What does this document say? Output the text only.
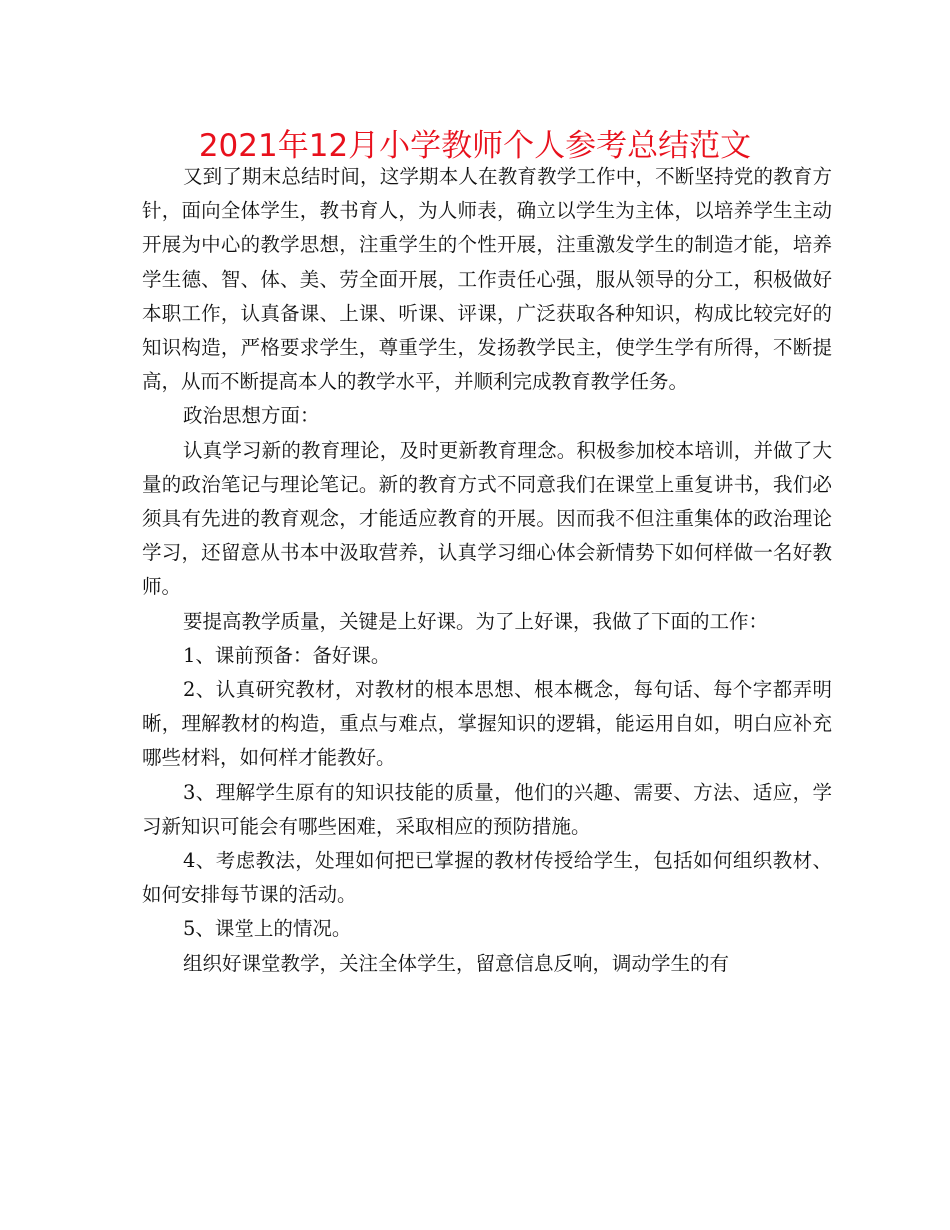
2021年12月小学教师个人参考总结范文

又到了期末总结时间，这学期本人在教育教学工作中，不断坚持党的教育方针，面向全体学生，教书育人，为人师表，确立以学生为主体，以培养学生主动开展为中心的教学思想，注重学生的个性开展，注重激发学生的制造才能，培养学生德、智、体、美、劳全面开展，工作责任心强，服从领导的分工，积极做好本职工作，认真备课、上课、听课、评课，广泛获取各种知识，构成比较完好的知识构造，严格要求学生，尊重学生，发扬教学民主，使学生学有所得，不断提高，从而不断提高本人的教学水平，并顺利完成教育教学任务。

政治思想方面：

认真学习新的教育理论，及时更新教育理念。积极参加校本培训，并做了大量的政治笔记与理论笔记。新的教育方式不同意我们在课堂上重复讲书，我们必须具有先进的教育观念，才能适应教育的开展。因而我不但注重集体的政治理论学习，还留意从书本中汲取营养，认真学习细心体会新情势下如何样做一名好教师。

要提高教学质量，关键是上好课。为了上好课，我做了下面的工作：

1、课前预备：备好课。

2、认真研究教材，对教材的根本思想、根本概念，每句话、每个字都弄明晰，理解教材的构造，重点与难点，掌握知识的逻辑，能运用自如，明白应补充哪些材料，如何样才能教好。

3、理解学生原有的知识技能的质量，他们的兴趣、需要、方法、适应，学习新知识可能会有哪些困难，采取相应的预防措施。

4、考虑教法，处理如何把已掌握的教材传授给学生，包括如何组织教材、如何安排每节课的活动。

5、课堂上的情况。

组织好课堂教学，关注全体学生，留意信息反响，调动学生的有
